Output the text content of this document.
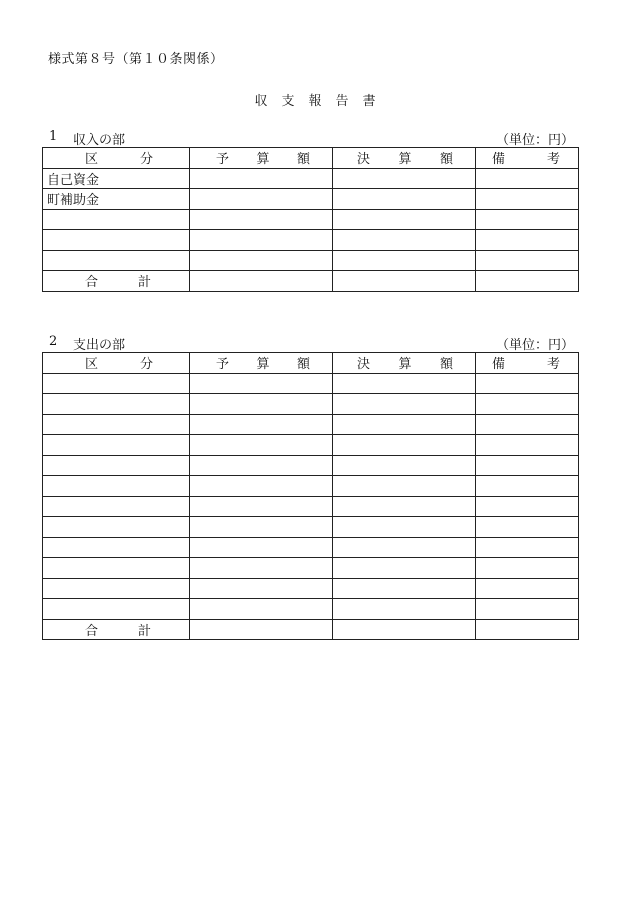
様式第８号（第１０条関係）
収支報告書
1 収入の部	（単位：円）
区 分	予 算 額	決 算 額	備 考

自己資金			
町補助金			

合 計			

2 支出の部	（単位：円）
区 分	予 算 額	決 算 額	備 考

合 計			
